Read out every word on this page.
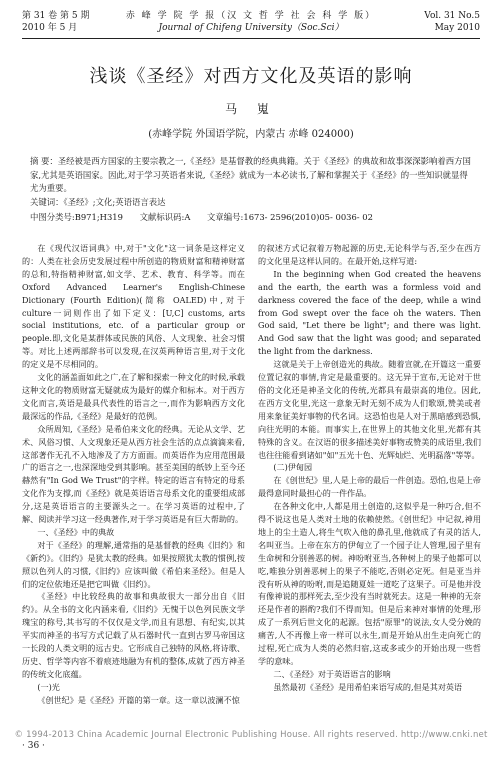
第 31 卷 第 5 期
2010 年 5 月
赤 峰 学 院 学 报（汉 文 哲 学 社 会 科 学 版）
Journal of Chifeng University（Soc.Sci）
Vol. 31 No.5
May 2010
浅谈《圣经》对西方文化及英语的影响
马 嵬
(赤峰学院 外国语学院，内蒙古 赤峰 024000)
摘 要：圣经被是西方国家的主要宗教之一,《圣经》是基督教的经典典籍。关于《圣经》的典故和故事深深影响着西方国家,尤其是英语国家。因此,对于学习英语者来说,《圣经》就成为一本必读书,了解和掌握关于《圣经》的一些知识就显得尤为重要。
关键词：《圣经》;文化;英语语言表达
中图分类号:B971;H319 文献标识码:A 文章编号:1673- 2596(2010)05- 0036- 02

在《现代汉语词典》中,对于"文化"这一词条是这样定义的：人类在社会历史发展过程中所创造的物质财富和精神财富的总和,特指精神财富,如文学、艺术、教育、科学等。而在Oxford Advanced Learner's English-Chinese Dictionary (Fourth Edition)(简称 OALED)中,对于culture一词则作出了如下定义：[U,C] customs, arts social institutions, etc. of a particular group or people.即,文化是某群体或民族的风俗、人文现象、社会习惯等。对比上述两部辞书可以发现,在汉英两种语言里,对于文化的定义是不尽相同的。

文化的涵盖面如此之广,在了解和探索一种文化的时候,承载这种文化的物质财富无疑就成为最好的媒介和标本。对于西方文化而言,英语是最具代表性的语言之一,而作为影响西方文化最深远的作品,《圣经》是最好的范例。

众所周知,《圣经》是希伯来文化的经典。无论从文学、艺术、风俗习惯、人文现象还是从西方社会生活的点点滴滴来看,这部著作无孔不入地渗及了方方面面。而英语作为应用范围最广的语言之一,也深深地受到其影响。甚至美国的纸钞上至今还赫然有"In God We Trust"的字样。特定的语言有特定的母系文化作为支撑,而《圣经》就是英语语言母系文化的重要组成部分,这是英语语言的主要源头之一。在学习英语的过程中,了解、阅读并学习这一经典著作,对于学习英语是有巨大帮助的。

一、《圣经》中的典故

对于《圣经》的理解,通常指的是基督教的经典《旧约》和《新约》。《旧约》是犹太教的经典。如果按照犹太教的惯例,按照以色列人的习惯,《旧约》应该叫做《希伯来圣经》。但是人们的定位依地还是把它叫做《旧约》。

《圣经》中比较经典的故事和典故很大一部分出自《旧约》。从全书的文化内涵来看,《旧约》无愧于以色列民族文学瑰宝的称号,其书写的不仅仅是文学,而且有思想、有纪实,以其平实而神圣的书写方式记载了从石器时代一直到古罗马帝国这一长段的人类文明的远古史。它形成自己独特的风格,将诗歌、历史、哲学等内容不着痕迹地融为有机的整体,成就了西方神圣的传统文化底蕴。

(一)光

《创世纪》是《圣经》开篇的第一章。这一章以波澜不惊

的叙述方式记叙着万物起源的历史,无论科学与否,至少在西方的文化里是这样认同的。在最开始,这样写道:

In the beginning when God created the heavens and the earth, the earth was a formless void and darkness covered the face of the deep, while a wind from God swept over the face oh the waters. Then God said, "Let there be light"; and there was light. And God saw that the light was good; and separated the light from the darkness.

这就是关于上帝创造光的典故。随着宣就,在开篇这一重要位置记叙的事情,肯定是最重要的。这无异于宣布,无论对于世俗的文化还是神圣文化的传统,光都具有最崇高的地位。因此,在西方文化里,光这一意象无时无刻不成为人们歌颂,赞美或者用来象征美好事物的代名词。这恐怕也是人对于黑暗感到恐惧,向往光明的本能。而事实上,在世界上的其他文化里,光都有其特殊的含义。在汉语的很多描述美好事物或赞美的成语里,我们也往往能看到诸如"如"五光十色、光辉灿烂、光明磊落"等等。

(二)伊甸园

在《创世纪》里,人是上帝的最后一件创造。恐怕,也是上帝最得意同时最担心的一件作品。

在各种文化中,人都是用土创造的,这似乎是一种巧合,但不得不说这也是人类对土地的依赖使然。《创世纪》中记叙,神用地上的尘土造人,将生气吹入他的鼻孔里,他就成了有灵的活人,名叫亚当。上帝在东方的伊甸立了一个园子让人管理,园子里有生命树和分别善恶的树。神吩咐亚当,各种树上的果子他都可以吃,唯独分别善恶树上的果子不能吃,否则必定死。但是亚当并没有听从神的吩咐,而是追随夏娃一道吃了这果子。可是他并没有像神说的那样死去,至少没有当时就死去。这是一种神的无奈还是作者的斟酌?我们不得而知。但是后来神对事情的处理,形成了一系列后世文化的起源。包括"原罪"的说法,女人受分娩的痛苦,人不再像上帝一样可以永生,而是开始从出生走向死亡的过程,死亡成为人类的必然归宿,这或多或少的开始出现一些哲学的意味。

二、《圣经》对于英语语言的影响

虽然最初《圣经》是用希伯来语写成的,但是其对英语

· 36 ·
© 1994-2013 China Academic Journal Electronic Publishing House. All rights reserved. http://www.cnki.net
